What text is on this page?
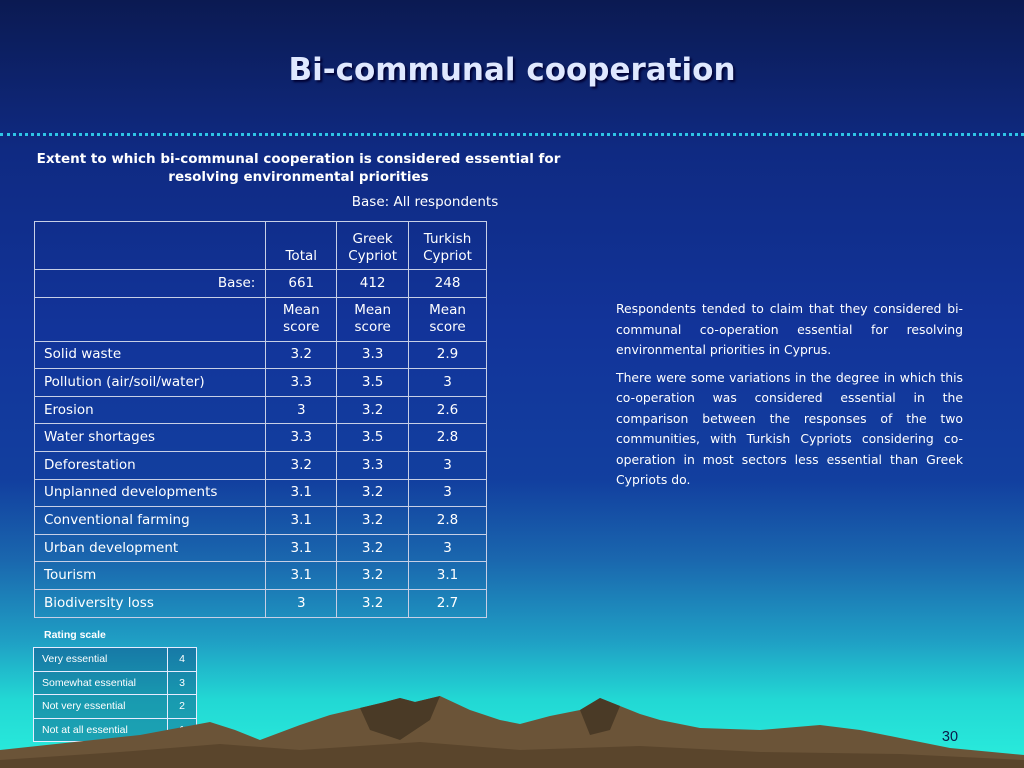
Bi-communal cooperation
Extent to which bi-communal cooperation is considered essential for resolving environmental priorities
Base: All respondents
	Total	Greek Cypriot	Turkish Cypriot
Base:	661	412	248
	Mean score	Mean score	Mean score
Solid waste	3.2	3.3	2.9
Pollution (air/soil/water)	3.3	3.5	3
Erosion	3	3.2	2.6
Water shortages	3.3	3.5	2.8
Deforestation	3.2	3.3	3
Unplanned developments	3.1	3.2	3
Conventional farming	3.1	3.2	2.8
Urban development	3.1	3.2	3
Tourism	3.1	3.2	3.1
Biodiversity loss	3	3.2	2.7

Respondents tended to claim that they considered bi-communal co-operation essential for resolving environmental priorities in Cyprus.

There were some variations in the degree in which this co-operation was considered essential in the comparison between the responses of the two communities, with Turkish Cypriots considering co-operation in most sectors less essential than Greek Cypriots do.

Rating scale
Very essential	4
Somewhat essential	3
Not very essential	2
Not at all essential		30
